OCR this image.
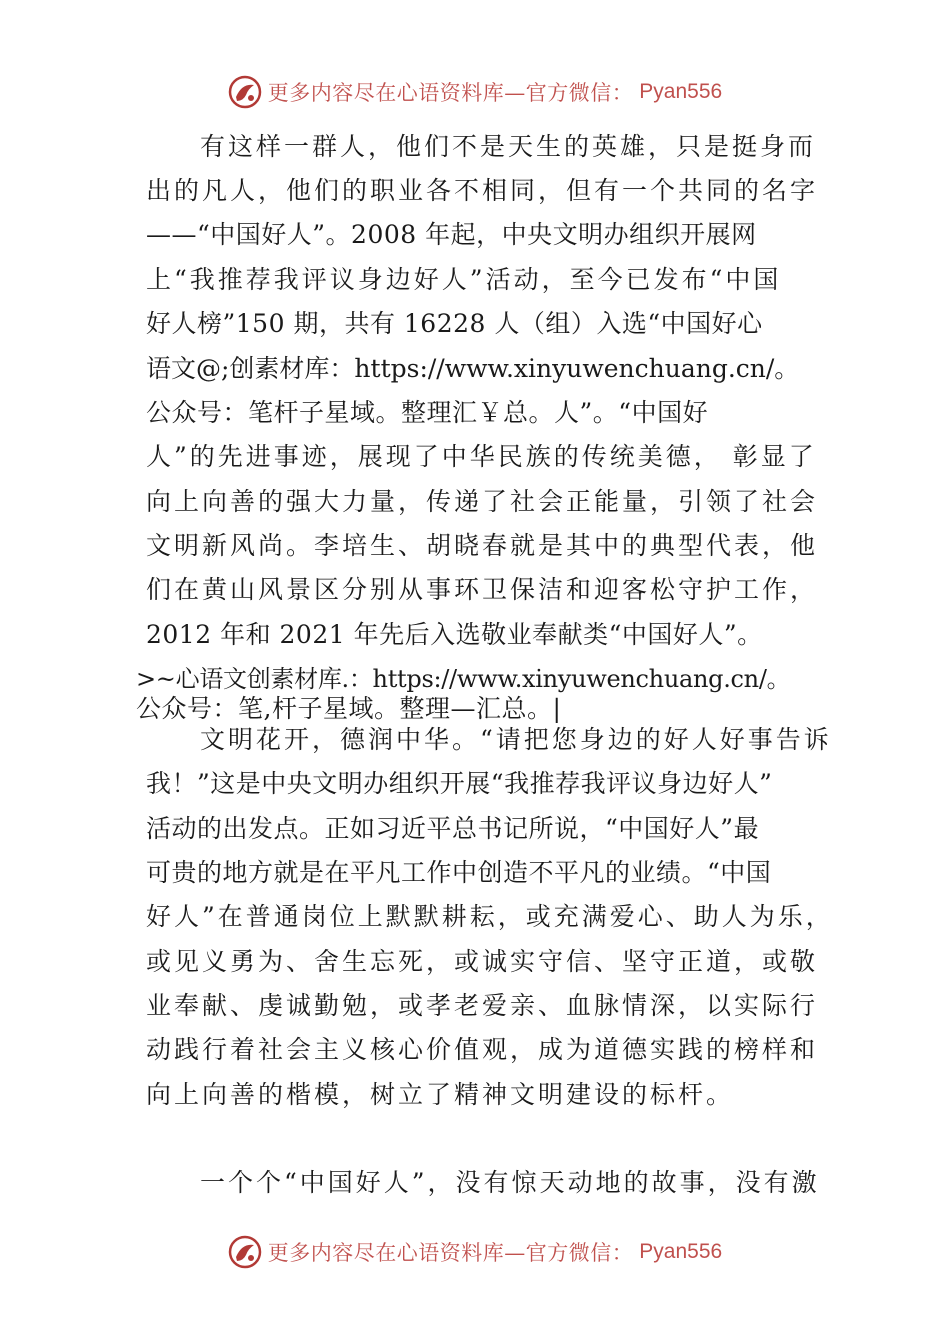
更多内容尽在心语资料库—官方微信： Pyan556
有这样一群人，他们不是天生的英雄，只是挺身而
出的凡人，他们的职业各不相同，但有一个共同的名字
——“中国好人”。2008 年起，中央文明办组织开展网
上“我推荐我评议身边好人”活动，至今已发布“中国
好人榜”150 期，共有 16228 人（组）入选“中国好心
语文@;创素材库：https://www.xinyuwenchuang.cn/。
公众号：笔杆子星域。整理汇￥总。人”。“中国好
人”的先进事迹，展现了中华民族的传统美德， 彰显了
向上向善的强大力量，传递了社会正能量，引领了社会
文明新风尚。李培生、胡晓春就是其中的典型代表，他
们在黄山风景区分别从事环卫保洁和迎客松守护工作，
2012 年和 2021 年先后入选敬业奉献类“中国好人”。
>~心语文创素材库.：https://www.xinyuwenchuang.cn/。
公众号：笔,杆子星域。整理—汇总。|
文明花开，德润中华。“请把您身边的好人好事告诉
我！”这是中央文明办组织开展“我推荐我评议身边好人”
活动的出发点。正如习近平总书记所说，“中国好人”最
可贵的地方就是在平凡工作中创造不平凡的业绩。“中国
好人”在普通岗位上默默耕耘，或充满爱心、助人为乐，
或见义勇为、舍生忘死，或诚实守信、坚守正道，或敬
业奉献、虔诚勤勉，或孝老爱亲、血脉情深，以实际行
动践行着社会主义核心价值观，成为道德实践的榜样和
向上向善的楷模，树立了精神文明建设的标杆。
一个个“中国好人”，没有惊天动地的故事，没有激
更多内容尽在心语资料库—官方微信： Pyan556
